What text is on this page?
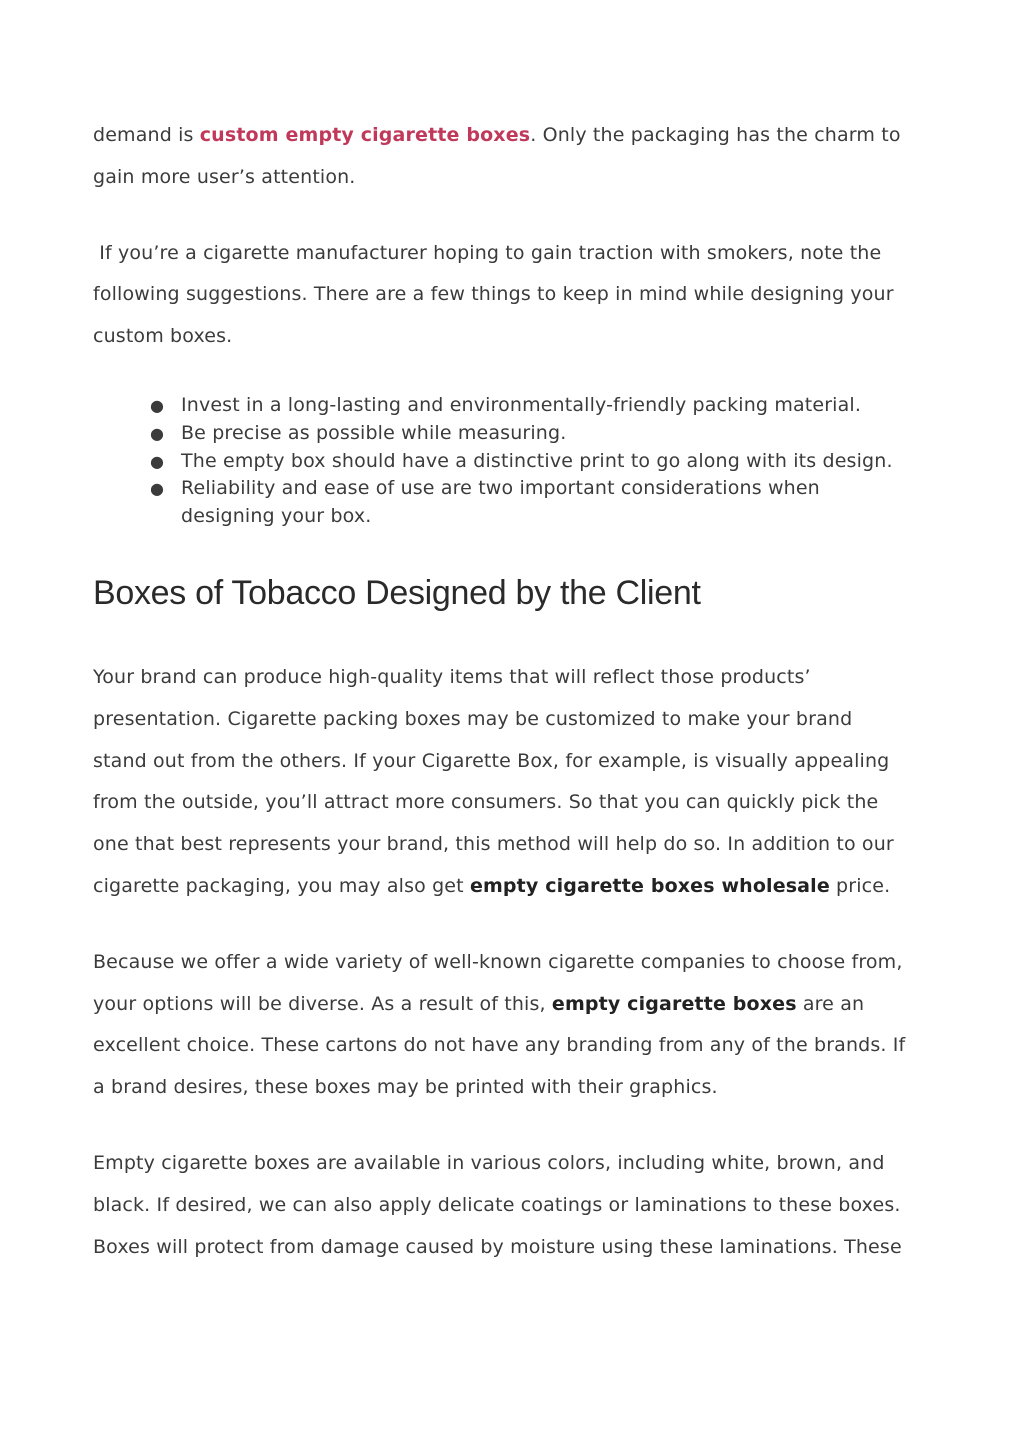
demand is custom empty cigarette boxes. Only the packaging has the charm to

gain more user’s attention.

If you’re a cigarette manufacturer hoping to gain traction with smokers, note the

following suggestions. There are a few things to keep in mind while designing your

custom boxes.

● Invest in a long-lasting and environmentally-friendly packing material.
● Be precise as possible while measuring.
● The empty box should have a distinctive print to go along with its design.
● Reliability and ease of use are two important considerations when
designing your box.
Boxes of Tobacco Designed by the Client

Your brand can produce high-quality items that will reflect those products’

presentation. Cigarette packing boxes may be customized to make your brand

stand out from the others. If your Cigarette Box, for example, is visually appealing

from the outside, you’ll attract more consumers. So that you can quickly pick the

one that best represents your brand, this method will help do so. In addition to our

cigarette packaging, you may also get empty cigarette boxes wholesale price.

Because we offer a wide variety of well-known cigarette companies to choose from,

your options will be diverse. As a result of this, empty cigarette boxes are an

excellent choice. These cartons do not have any branding from any of the brands. If

a brand desires, these boxes may be printed with their graphics.

Empty cigarette boxes are available in various colors, including white, brown, and

black. If desired, we can also apply delicate coatings or laminations to these boxes.

Boxes will protect from damage caused by moisture using these laminations. These
